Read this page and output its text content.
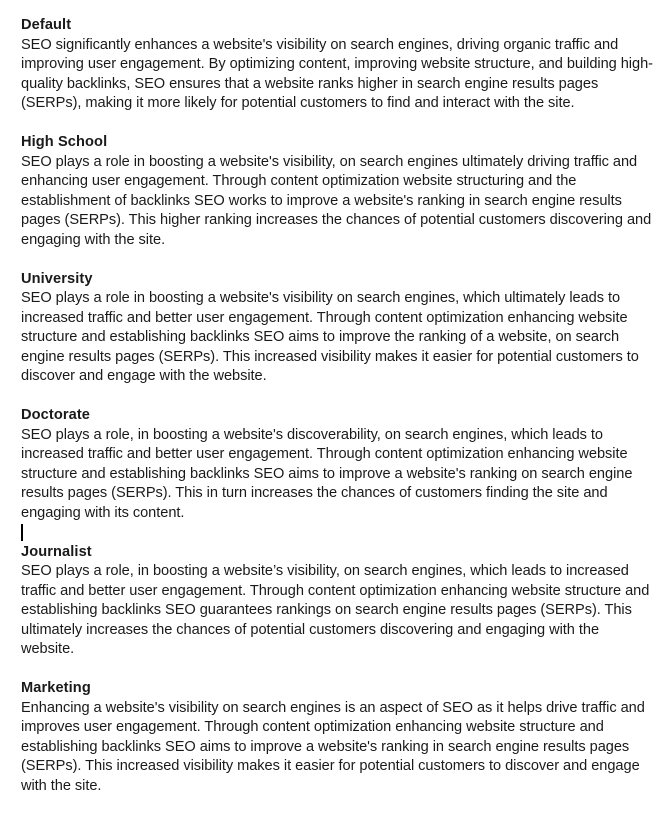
Default
SEO significantly enhances a website's visibility on search engines, driving organic traffic and improving user engagement. By optimizing content, improving website structure, and building high-quality backlinks, SEO ensures that a website ranks higher in search engine results pages (SERPs), making it more likely for potential customers to find and interact with the site.
High School
SEO plays a role in boosting a website's visibility, on search engines ultimately driving traffic and enhancing user engagement. Through content optimization website structuring and the establishment of backlinks SEO works to improve a website's ranking in search engine results pages (SERPs). This higher ranking increases the chances of potential customers discovering and engaging with the site.
University
SEO plays a role in boosting a website's visibility on search engines, which ultimately leads to increased traffic and better user engagement. Through content optimization enhancing website structure and establishing backlinks SEO aims to improve the ranking of a website, on search engine results pages (SERPs). This increased visibility makes it easier for potential customers to discover and engage with the website.
Doctorate
SEO plays a role, in boosting a website's discoverability, on search engines, which leads to increased traffic and better user engagement. Through content optimization enhancing website structure and establishing backlinks SEO aims to improve a website's ranking on search engine results pages (SERPs). This in turn increases the chances of customers finding the site and engaging with its content.
Journalist
SEO plays a role, in boosting a website’s visibility, on search engines, which leads to increased traffic and better user engagement. Through content optimization enhancing website structure and establishing backlinks SEO guarantees rankings on search engine results pages (SERPs). This ultimately increases the chances of potential customers discovering and engaging with the website.
Marketing
Enhancing a website's visibility on search engines is an aspect of SEO as it helps drive traffic and improves user engagement. Through content optimization enhancing website structure and establishing backlinks SEO aims to improve a website's ranking in search engine results pages (SERPs). This increased visibility makes it easier for potential customers to discover and engage with the site.
